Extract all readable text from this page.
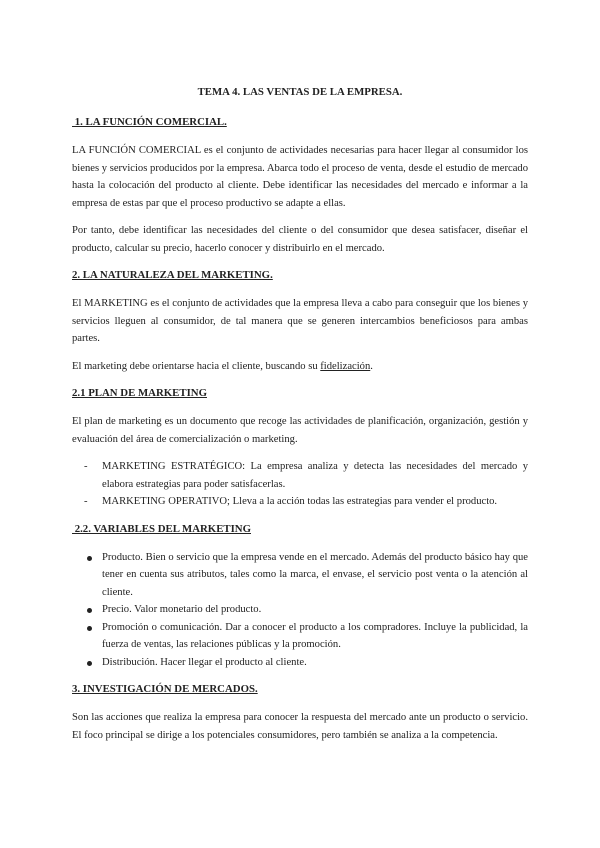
TEMA 4. LAS VENTAS DE LA EMPRESA.
1. LA FUNCIÓN COMERCIAL.
LA FUNCIÓN COMERCIAL es el conjunto de actividades necesarias para hacer llegar al consumidor los bienes y servicios producidos por la empresa. Abarca todo el proceso de venta, desde el estudio de mercado hasta la colocación del producto al cliente. Debe identificar las necesidades del mercado e informar a la empresa de estas par que el proceso productivo se adapte a ellas.
Por tanto, debe identificar las necesidades del cliente o del consumidor que desea satisfacer, diseñar el producto, calcular su precio, hacerlo conocer y distribuirlo en el mercado.
2. LA NATURALEZA DEL MARKETING.
El MARKETING es el conjunto de actividades que la empresa lleva a cabo para conseguir que los bienes y servicios lleguen al consumidor, de tal manera que se generen intercambios beneficiosos para ambas partes.
El marketing debe orientarse hacia el cliente, buscando su fidelización.
2.1 PLAN DE MARKETING
El plan de marketing es un documento que recoge las actividades de planificación, organización, gestión y evaluación del área de comercialización o marketing.
- MARKETING ESTRATÉGICO: La empresa analiza y detecta las necesidades del mercado y elabora estrategias para poder satisfacerlas.
- MARKETING OPERATIVO; Lleva a la acción todas las estrategias para vender el producto.
2.2. VARIABLES DEL MARKETING
Producto. Bien o servicio que la empresa vende en el mercado. Además del producto básico hay que tener en cuenta sus atributos, tales como la marca, el envase, el servicio post venta o la atención al cliente.
Precio. Valor monetario del producto.
Promoción o comunicación. Dar a conocer el producto a los compradores. Incluye la publicidad, la fuerza de ventas, las relaciones públicas y la promoción.
Distribución. Hacer llegar el producto al cliente.
3. INVESTIGACIÓN DE MERCADOS.
Son las acciones que realiza la empresa para conocer la respuesta del mercado ante un producto o servicio. El foco principal se dirige a los potenciales consumidores, pero también se analiza a la competencia.
